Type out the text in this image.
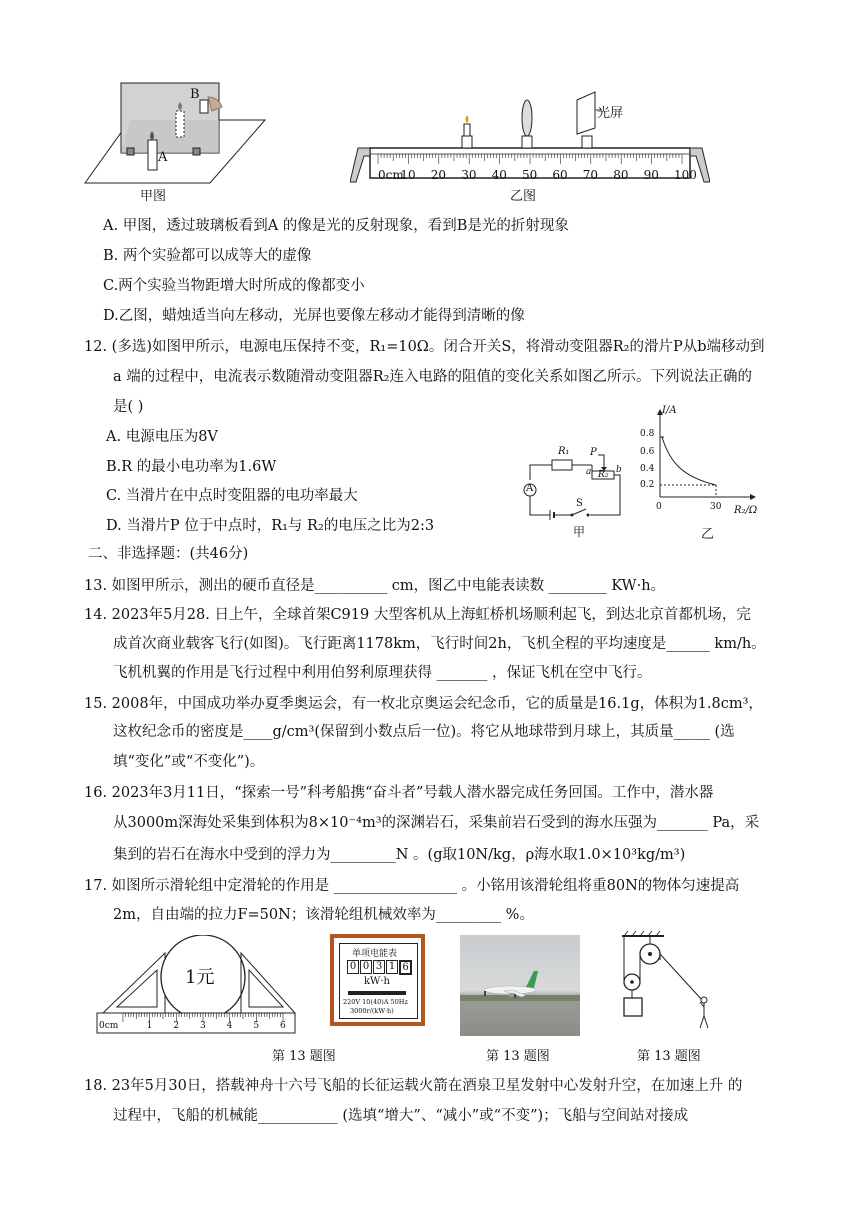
A
B
甲图
光屏
0cm
10 20 30 40 50 60 70 80 90 100
乙图
A. 甲图，透过玻璃板看到A 的像是光的反射现象，看到B是光的折射现象
B. 两个实验都可以成等大的虚像
C.两个实验当物距增大时所成的像都变小
D.乙图，蜡烛适当向左移动，光屏也要像左移动才能得到清晰的像
12. (多选)如图甲所示，电源电压保持不变，R₁=10Ω。闭合开关S，将滑动变阻器R₂的滑片P从b端移动到
a 端的过程中，电流表示数随滑动变阻器R₂连入电路的阻值的变化关系如图乙所示。下列说法正确的
是( )
A. 电源电压为8V
B.R 的最小电功率为1.6W
C. 当滑片在中点时变阻器的电功率最大
D. 当滑片P 位于中点时，R₁与 R₂的电压之比为2:3
R₁ P
a R₂ b
A
S
甲
I/A
0.8
0.6
0.4
0.2
0	30 R₂/Ω
乙
二、非选择题：(共46分)
13. 如图甲所示，测出的硬币直径是__________ cm，图乙中电能表读数 ________ KW·h。
14. 2023年5月28. 日上午，全球首架C919 大型客机从上海虹桥机场顺利起飞，到达北京首都机场，完
成首次商业载客飞行(如图)。飞行距离1178km，飞行时间2h，飞机全程的平均速度是______ km/h。
飞机机翼的作用是飞行过程中利用伯努利原理获得 _______ ，保证飞机在空中飞行。
15. 2008年，中国成功举办夏季奥运会，有一枚北京奥运会纪念币，它的质量是16.1g，体积为1.8cm³，
这枚纪念币的密度是____g/cm³(保留到小数点后一位)。将它从地球带到月球上，其质量_____ (选
填“变化”或“不变化”)。
16. 2023年3月11日，“探索一号”科考船携“奋斗者”号载人潜水器完成任务回国。工作中，潜水器
从3000m深海处采集到体积为8×10⁻⁴m³的深渊岩石，采集前岩石受到的海水压强为_______ Pa，采
集到的岩石在海水中受到的浮力为_________N 。(g取10N/kg，ρ海水取1.0×10³kg/m³)
17. 如图所示滑轮组中定滑轮的作用是 _________________ 。小铭用该滑轮组将重80N的物体匀速提高
2m，自由端的拉力F=50N；该滑轮组机械效率为_________ %。
1元
0cm	1 2 3 4 5 6
第 13 题图
单项电能表
0 0 3 1 6
kW·h
220V 10(40)A 50Hz
3000r/(kW·h)
第 13 题图	第 13 题图
18. 23年5月30日，搭载神舟十六号飞船的长征运载火箭在酒泉卫星发射中心发射升空，在加速上升 的
过程中，飞船的机械能___________ (选填“增大”、“减小”或“不变”)；飞船与空间站对接成
